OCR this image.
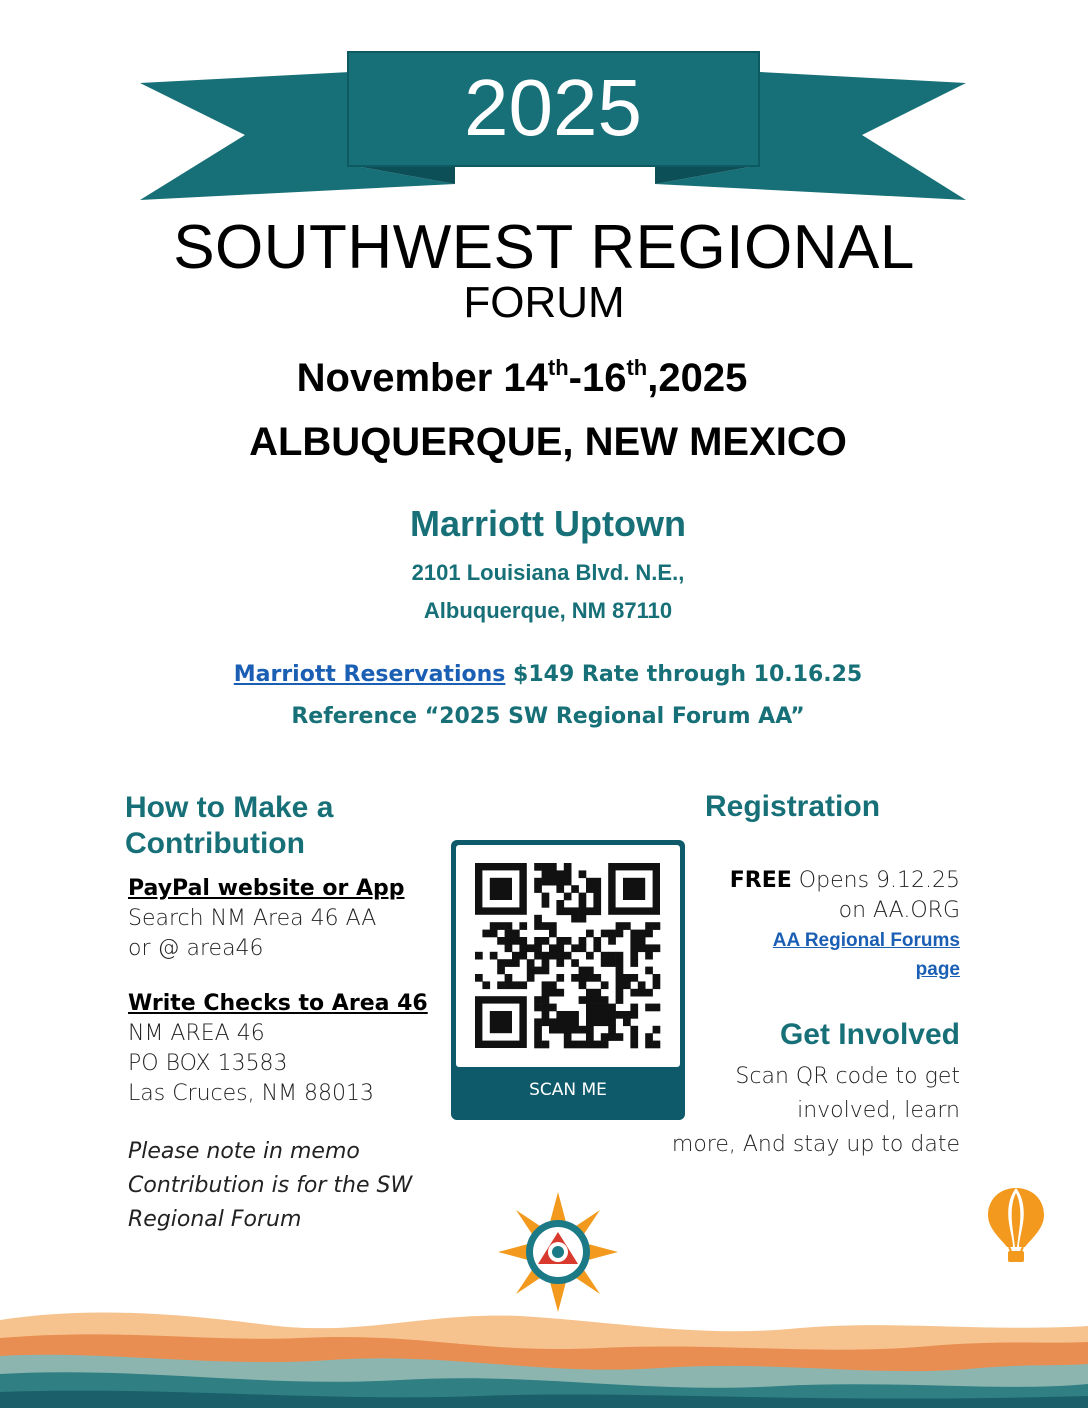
2025
SOUTHWEST REGIONAL
FORUM
November 14th-16th,2025
ALBUQUERQUE, NEW MEXICO
Marriott Uptown
2101 Louisiana Blvd. N.E.,
Albuquerque, NM 87110
Marriott Reservations $149 Rate through 10.16.25
Reference “2025 SW Regional Forum AA”
How to Make a
Contribution
PayPal website or App
Search NM Area 46 AA
or @ area46
Write Checks to Area 46
NM AREA 46
PO BOX 13583
Las Cruces, NM 88013
Please note in memo
Contribution is for the SW
Regional Forum
SCAN ME
Registration
FREE Opens 9.12.25
on AA.ORG
AA Regional Forums
page
Get Involved
Scan QR code to get
involved, learn
more, And stay up to date
